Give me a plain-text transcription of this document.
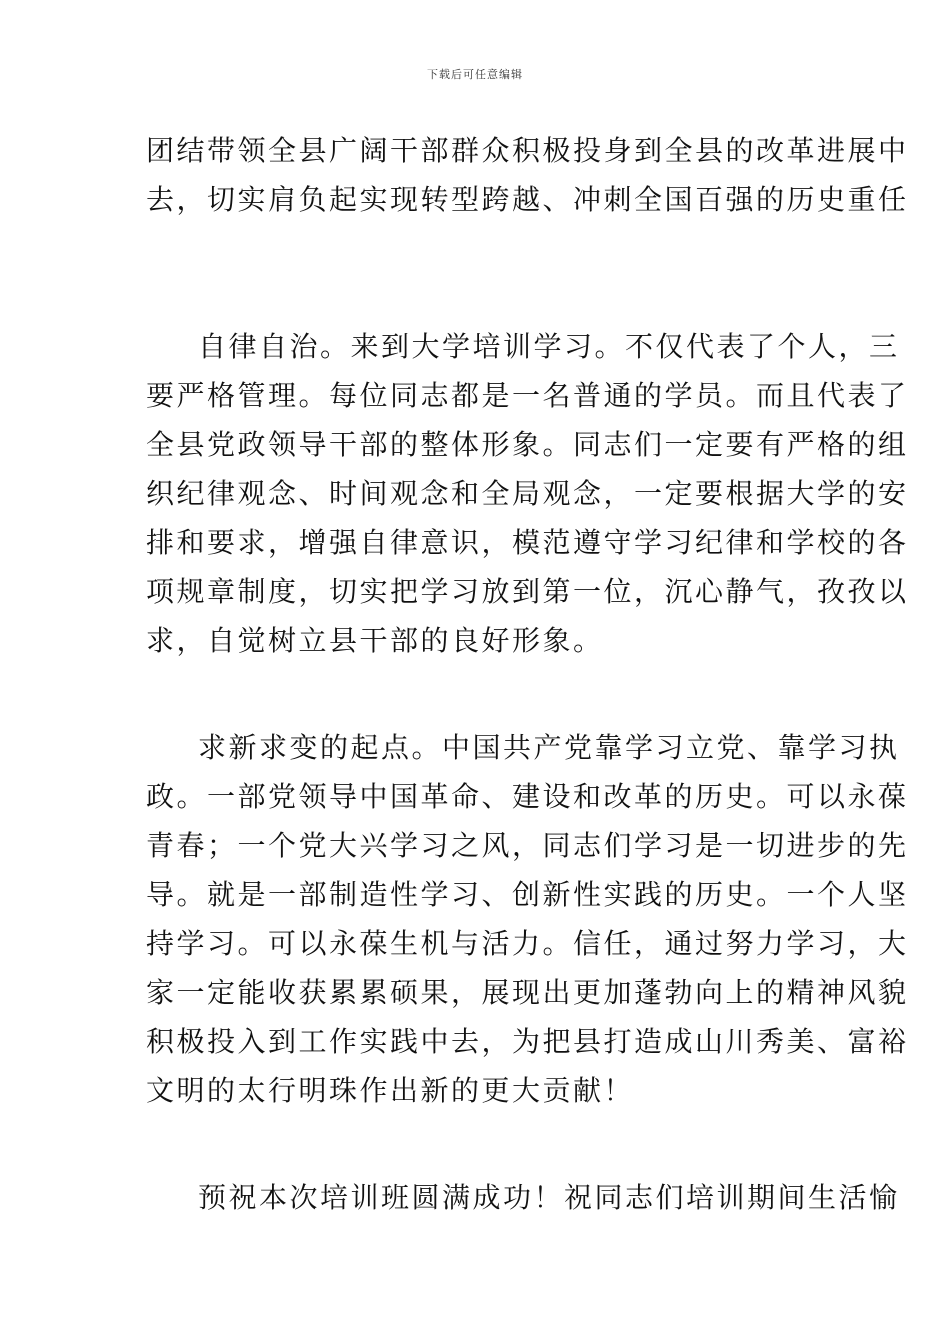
下载后可任意编辑

团结带领全县广阔干部群众积极投身到全县的改革进展中
去，切实肩负起实现转型跨越、冲刺全国百强的历史重任

自律自治。来到大学培训学习。不仅代表了个人，三
要严格管理。每位同志都是一名普通的学员。而且代表了
全县党政领导干部的整体形象。同志们一定要有严格的组
织纪律观念、时间观念和全局观念，一定要根据大学的安
排和要求，增强自律意识，模范遵守学习纪律和学校的各
项规章制度，切实把学习放到第一位，沉心静气，孜孜以
求，自觉树立县干部的良好形象。

求新求变的起点。中国共产党靠学习立党、靠学习执
政。一部党领导中国革命、建设和改革的历史。可以永葆
青春；一个党大兴学习之风，同志们学习是一切进步的先
导。就是一部制造性学习、创新性实践的历史。一个人坚
持学习。可以永葆生机与活力。信任，通过努力学习，大
家一定能收获累累硕果，展现出更加蓬勃向上的精神风貌
积极投入到工作实践中去，为把县打造成山川秀美、富裕
文明的太行明珠作出新的更大贡献！

预祝本次培训班圆满成功！祝同志们培训期间生活愉
